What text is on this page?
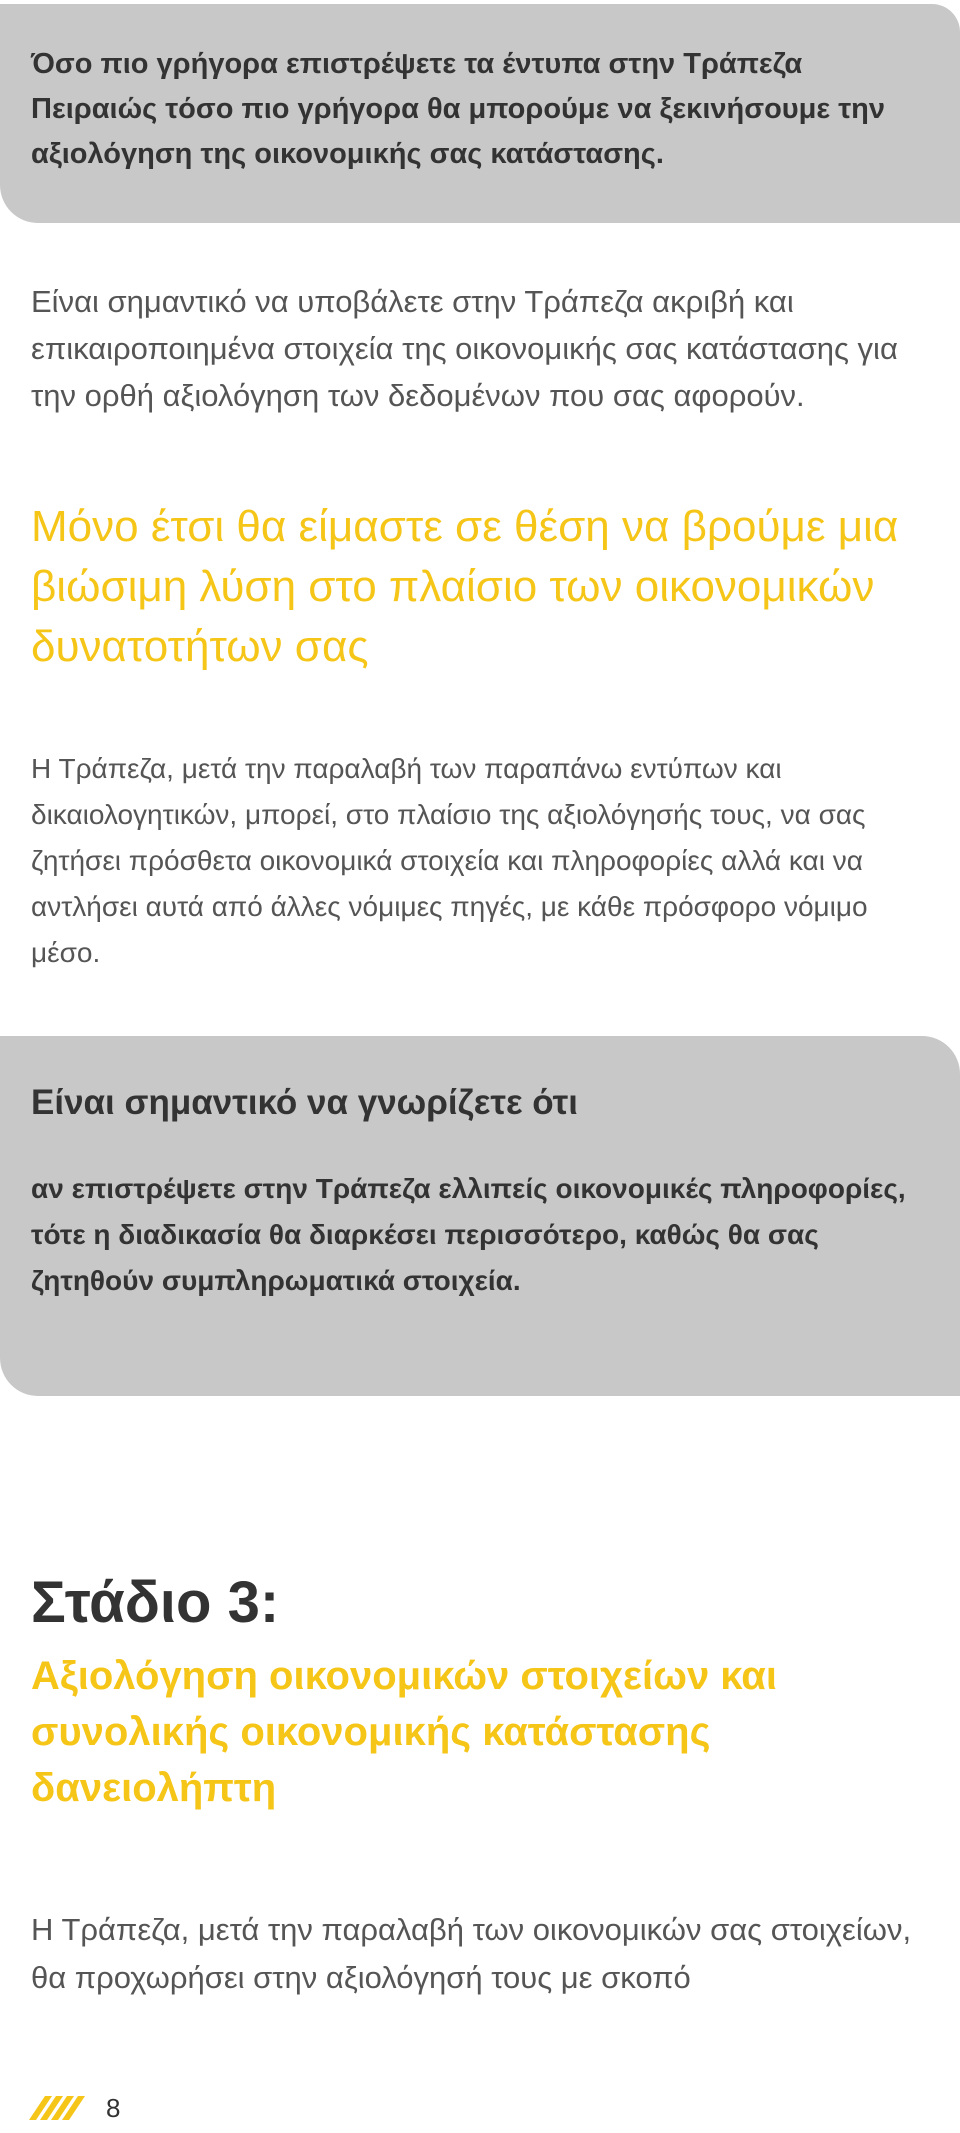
Όσο πιο γρήγορα επιστρέψετε τα έντυπα στην Τράπεζα Πειραιώς τόσο πιο γρήγορα θα μπορούμε να ξεκινήσουμε την αξιολόγηση της οικονομικής σας κατάστασης.

Είναι σημαντικό να υποβάλετε στην Τράπεζα ακριβή και επικαιροποιημένα στοιχεία της οικονομικής σας κατάστασης για την ορθή αξιολόγηση των δεδομένων που σας αφορούν.

Μόνο έτσι θα είμαστε σε θέση να βρούμε μια βιώσιμη λύση στο πλαίσιο των οικονομικών δυνατοτήτων σας

Η Τράπεζα, μετά την παραλαβή των παραπάνω εντύπων και δικαιολογητικών, μπορεί, στο πλαίσιο της αξιολόγησής τους, να σας ζητήσει πρόσθετα οικονομικά στοιχεία και πληροφορίες αλλά και να αντλήσει αυτά από άλλες νόμιμες πηγές, με κάθε πρόσφορο νόμιμο μέσο.

Είναι σημαντικό να γνωρίζετε ότι

αν επιστρέψετε στην Τράπεζα ελλιπείς οικονομικές πληροφορίες, τότε η διαδικασία θα διαρκέσει περισσότερο, καθώς θα σας ζητηθούν συμπληρωματικά στοιχεία.

Στάδιο 3:
Αξιολόγηση οικονομικών στοιχείων και συνολικής οικονομικής κατάστασης δανειολήπτη

Η Τράπεζα, μετά την παραλαβή των οικονομικών σας στοιχείων, θα προχωρήσει στην αξιολόγησή τους με σκοπό

8
